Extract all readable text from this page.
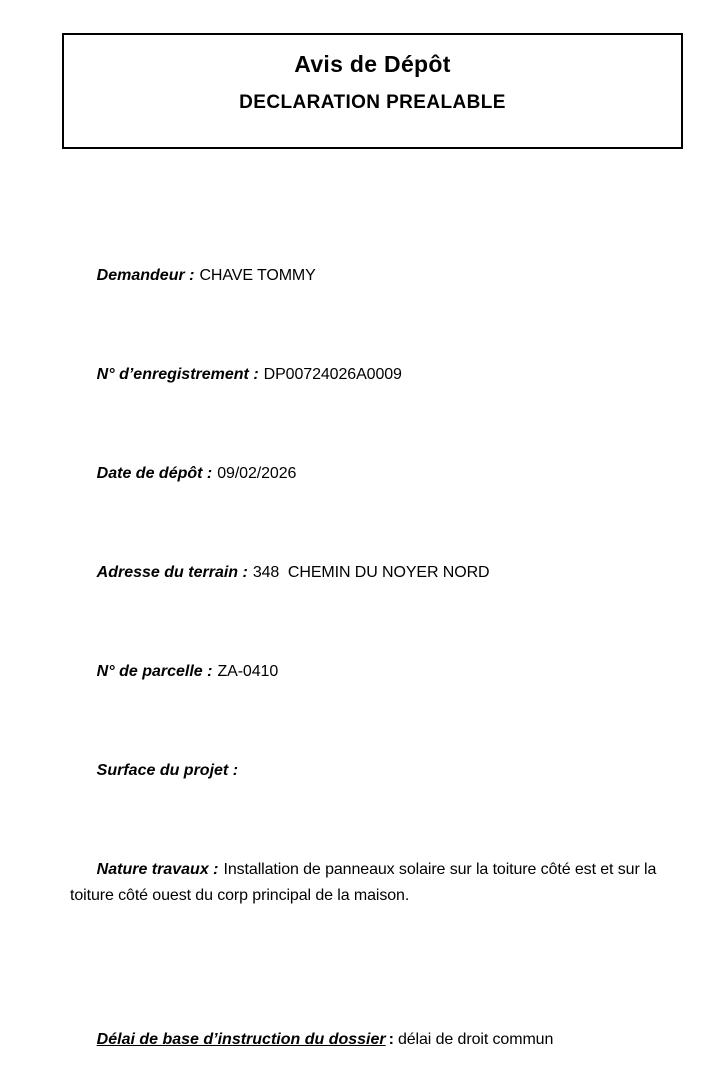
Avis de Dépôt
DECLARATION PREALABLE

Demandeur : CHAVE TOMMY

N° d’enregistrement : DP00724026A0009

Date de dépôt : 09/02/2026

Adresse du terrain : 348  CHEMIN DU NOYER NORD

N° de parcelle : ZA-0410

Surface du projet :

Nature travaux : Installation de panneaux solaire sur la toiture côté est et sur la toiture côté ouest du corp principal de la maison.

Délai de base d’instruction du dossier : délai de droit commun
